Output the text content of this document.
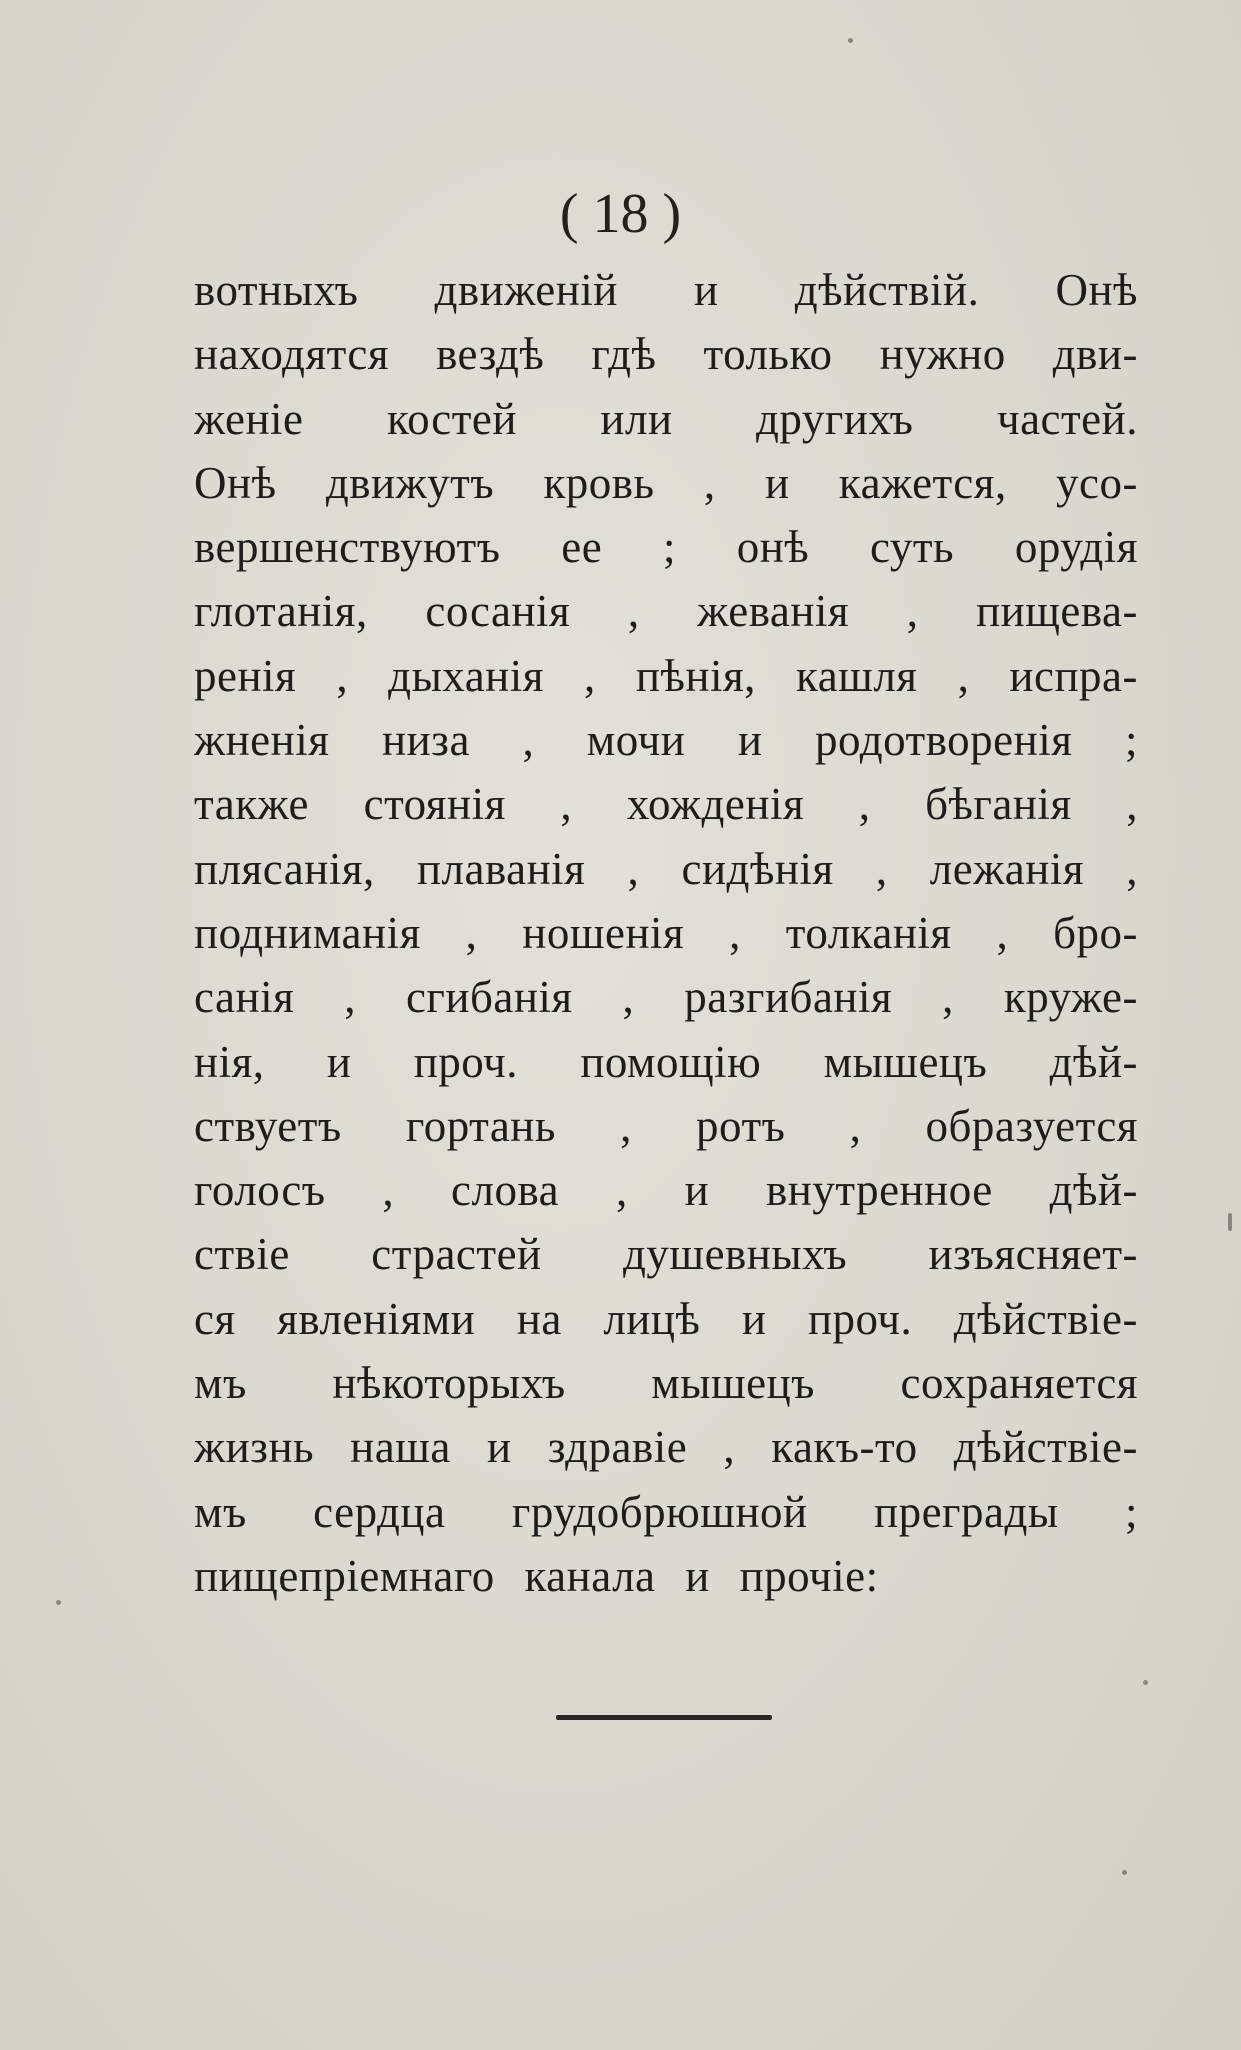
( 18 )
вотныхъ движеній и дѣйствій. Онѣ
находятся вездѣ гдѣ только нужно дви-
женіе костей или другихъ частей.
Онѣ движутъ кровь , и кажется, усо-
вершенствуютъ ее ; онѣ суть орудія
глотанія, сосанія , жеванія , пищева-
ренія , дыханія , пѣнія, кашля , испра-
жненія низа , мочи и родотворенія ;
также стоянія , хожденія , бѣганія ,
плясанія, плаванія , сидѣнія , лежанія ,
подниманія , ношенія , толканія , бро-
санія , сгибанія , разгибанія , круже-
нія, и проч. помощію мышецъ дѣй-
ствуетъ гортань , ротъ , образуется
голосъ , слова , и внутренное дѣй-
ствіе страстей душевныхъ изъясняет-
ся явленіями на лицѣ и проч. дѣйствіе-
мъ нѣкоторыхъ мышецъ сохраняется
жизнь наша и здравіе , какъ-то дѣйствіе-
мъ сердца грудобрюшной преграды ;
пищепріемнаго канала и прочіе:
